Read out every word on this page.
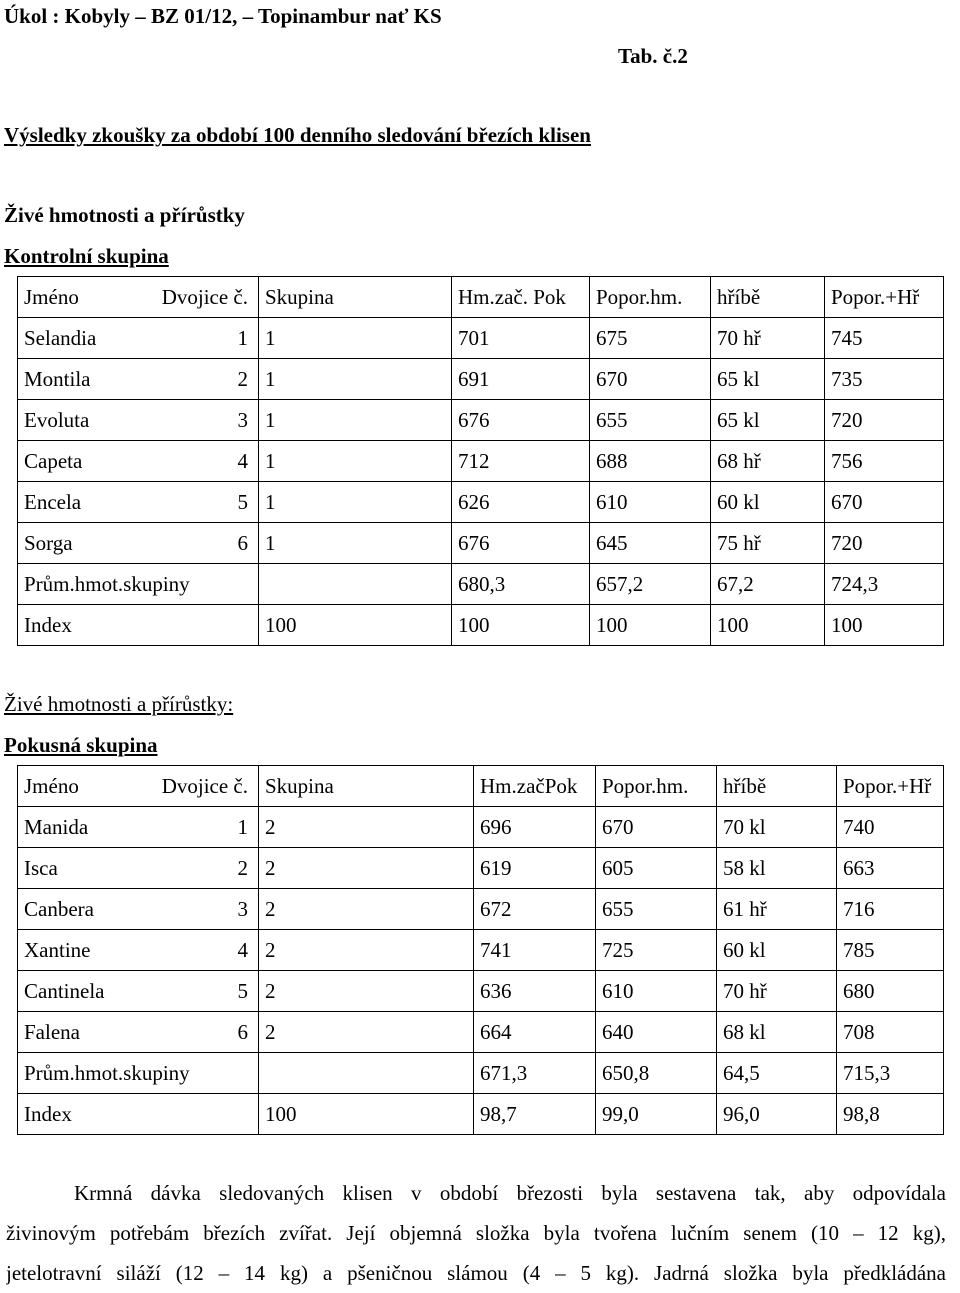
Úkol : Kobyly – BZ 01/12, – Topinambur nať KS
Tab. č.2
Výsledky zkoušky za období 100 denního sledování březích klisen
Živé hmotnosti a přírůstky
Kontrolní skupina
Jméno Dvojice č.	Skupina	Hm.zač. Pok	Popor.hm.	hříbě	Popor.+Hř
Selandia 1	1	701	675	70 hř	745
Montila 2	1	691	670	65 kl	735
Evoluta 3	1	676	655	65 kl	720
Capeta 4	1	712	688	68 hř	756
Encela 5	1	626	610	60 kl	670
Sorga 6	1	676	645	75 hř	720
Prům.hmot.skupiny		680,3	657,2	67,2	724,3
Index	100	100	100	100	100
Živé hmotnosti a přírůstky:
Pokusná skupina
Jméno Dvojice č.	Skupina	Hm.začPok	Popor.hm.	hříbě	Popor.+Hř
Manida 1	2	696	670	70 kl	740
Isca 2	2	619	605	58 kl	663
Canbera 3	2	672	655	61 hř	716
Xantine 4	2	741	725	60 kl	785
Cantinela 5	2	636	610	70 hř	680
Falena 6	2	664	640	68 kl	708
Prům.hmot.skupiny		671,3	650,8	64,5	715,3
Index	100	98,7	99,0	96,0	98,8
Krmná dávka sledovaných klisen v období březosti byla sestavena tak, aby odpovídala
živinovým potřebám březích zvířat. Její objemná složka byla tvořena lučním senem (10 – 12 kg),
jetelotravní siláží (12 – 14 kg) a pšeničnou slámou (4 – 5 kg). Jadrná složka byla předkládána
